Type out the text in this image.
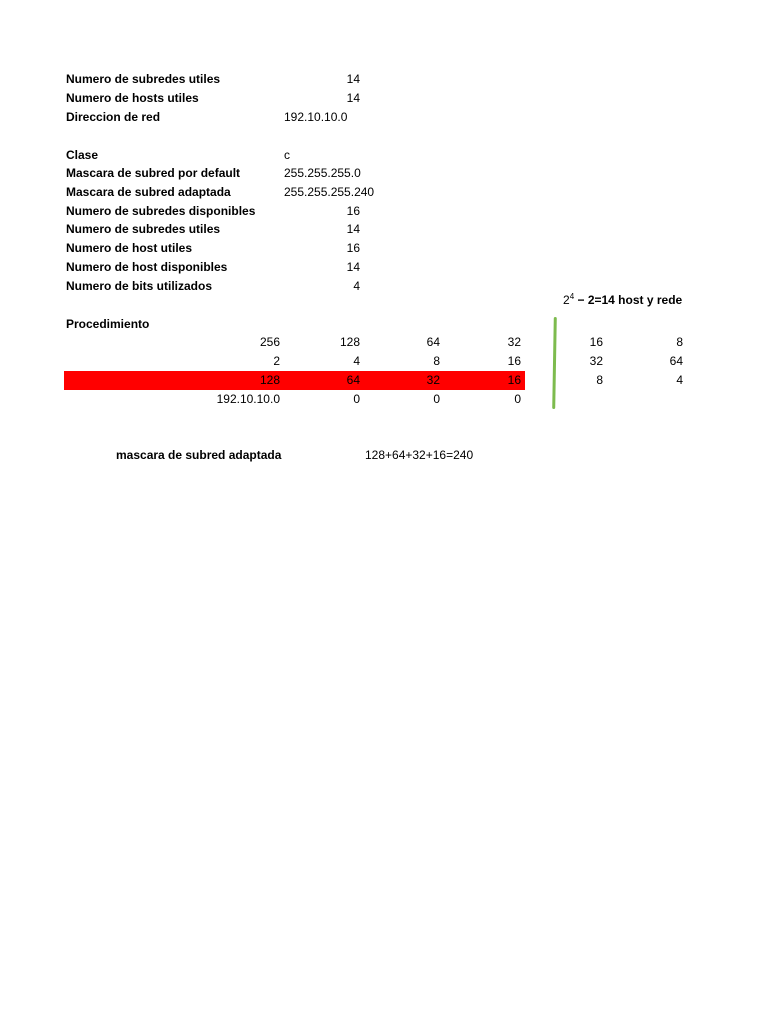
Numero de subredes utiles	14
Numero de hosts utiles	14
Direccion de red	192.10.10.0
Clase	c
Mascara de subred por default	255.255.255.0
Mascara de subred adaptada	255.255.255.240
Numero de subredes disponibles	16
Numero de subredes utiles	14
Numero de host utiles	16
Numero de host disponibles	14
Numero de bits utilizados	4
$2^4 - 2=14$ host y rede
Procedimiento
256	128	64	32	16	8
2	4	8	16	32	64
128	64	32	16	8	4
192.10.10.0	0	0	0
mascara de subred adaptada	128+64+32+16=240
